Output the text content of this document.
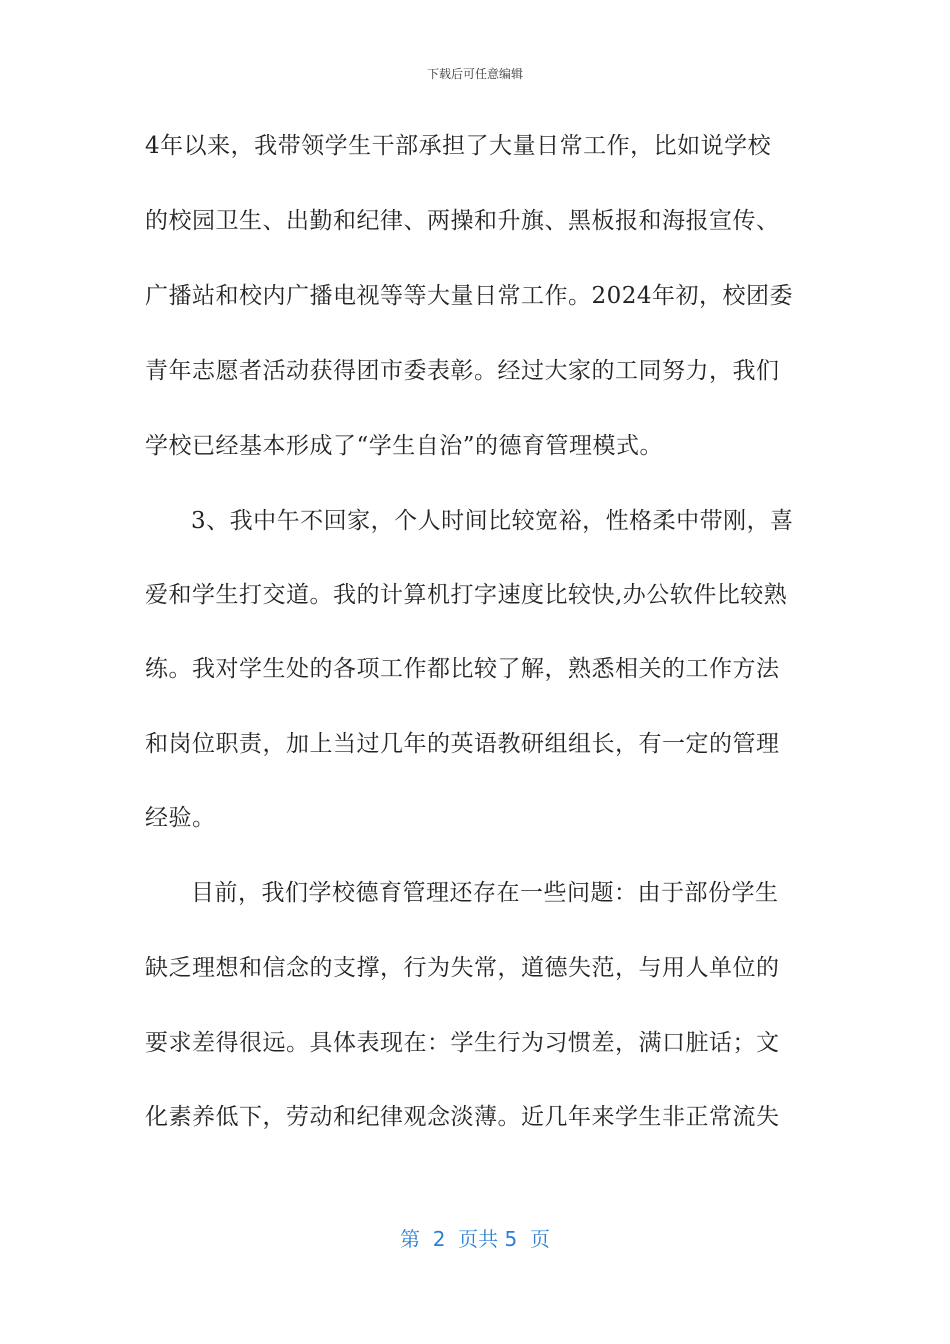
下载后可任意编辑
4年以来，我带领学生干部承担了大量日常工作，比如说学校
的校园卫生、出勤和纪律、两操和升旗、黑板报和海报宣传、
广播站和校内广播电视等等大量日常工作。2024年初，校团委
青年志愿者活动获得团市委表彰。经过大家的工同努力，我们
学校已经基本形成了“学生自治”的德育管理模式。
3、我中午不回家，个人时间比较宽裕，性格柔中带刚，喜
爱和学生打交道。我的计算机打字速度比较快,办公软件比较熟
练。我对学生处的各项工作都比较了解，熟悉相关的工作方法
和岗位职责，加上当过几年的英语教研组组长，有一定的管理
经验。
目前，我们学校德育管理还存在一些问题：由于部份学生
缺乏理想和信念的支撑，行为失常，道德失范，与用人单位的
要求差得很远。具体表现在：学生行为习惯差，满口脏话；文
化素养低下，劳动和纪律观念淡薄。近几年来学生非正常流失
第  2  页共 5  页
